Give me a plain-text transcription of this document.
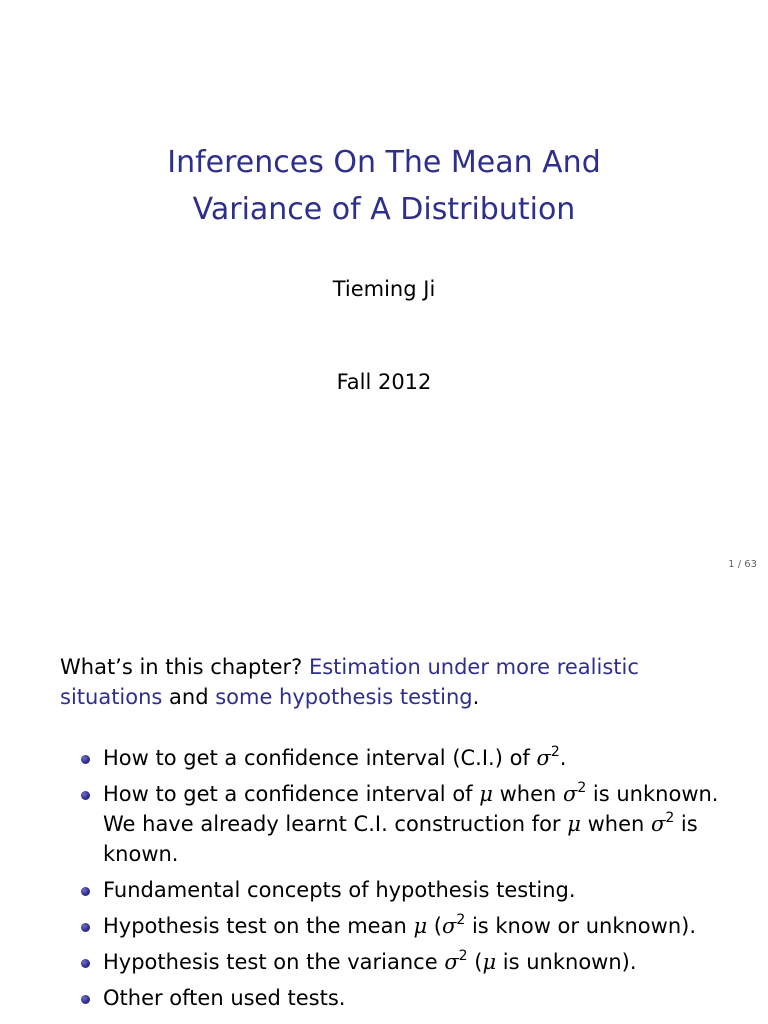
Inferences On The Mean And
Variance of A Distribution
Tieming Ji
Fall 2012
1 / 63
What’s in this chapter? Estimation under more realistic situations and some hypothesis testing.
How to get a confidence interval (C.I.) of $\sigma^2$.
How to get a confidence interval of μ when $\sigma^2$ is unknown. We have already learnt C.I. construction for μ when $\sigma^2$ is known.
Fundamental concepts of hypothesis testing.
Hypothesis test on the mean μ ($\sigma^2$ is know or unknown).
Hypothesis test on the variance $\sigma^2$ (μ is unknown).
Other often used tests.
